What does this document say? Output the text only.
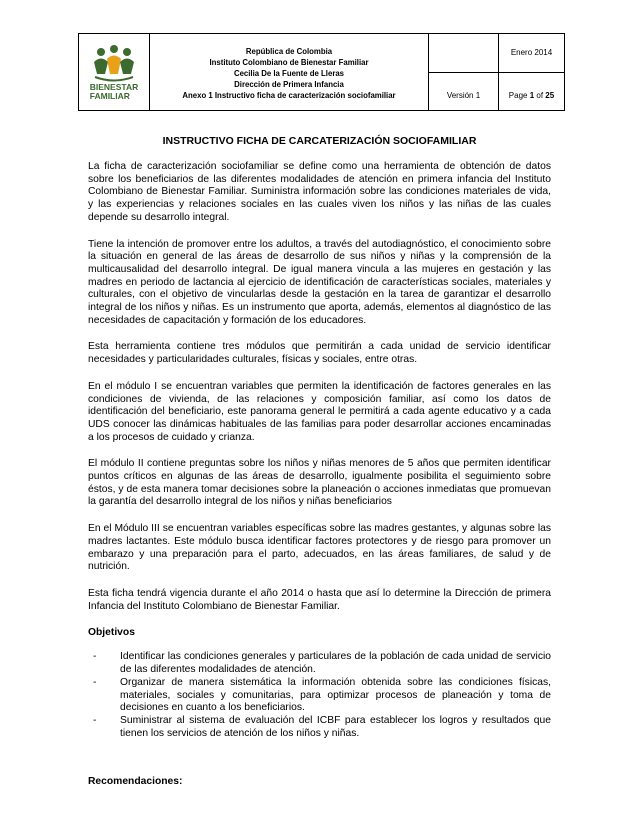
BIENESTAR
FAMILIAR
República de Colombia
Instituto Colombiano de Bienestar Familiar
Cecilia De la Fuente de Lleras
Dirección de Primera Infancia
Anexo 1 Instructivo ficha de caracterización sociofamiliar
Enero 2014
Versión 1	Page
1
of
25
INSTRUCTIVO FICHA DE CARCATERIZACIÓN SOCIOFAMILIAR

La ficha de caracterización sociofamiliar se define como una herramienta de obtención de datos sobre los beneficiarios de las diferentes modalidades de atención en primera infancia del Instituto Colombiano de Bienestar Familiar. Suministra información sobre las condiciones materiales de vida, y las experiencias y relaciones sociales en las cuales viven los niños y las niñas de las cuales depende su desarrollo integral.

Tiene la intención de promover entre los adultos, a través del autodiagnóstico, el conocimiento sobre la situación en general de las áreas de desarrollo de sus niños y niñas y la comprensión de la multicausalidad del desarrollo integral. De igual manera vincula a las mujeres en gestación y las madres en periodo de lactancia al ejercicio de identificación de características sociales, materiales y culturales, con el objetivo de vincularlas desde la gestación en la tarea de garantizar el desarrollo integral de los niños y niñas. Es un instrumento que aporta, además, elementos al diagnóstico de las necesidades de capacitación y formación de los educadores.

Esta herramienta contiene tres módulos que permitirán a cada unidad de servicio identificar necesidades y particularidades culturales, físicas y sociales, entre otras.

En el módulo I se encuentran variables que permiten la identificación de factores generales en las condiciones de vivienda, de las relaciones y composición familiar, así como los datos de identificación del beneficiario, este panorama general le permitirá a cada agente educativo y a cada UDS conocer las dinámicas habituales de las familias para poder desarrollar acciones encaminadas a los procesos de cuidado y crianza.

El módulo II contiene preguntas sobre los niños y niñas menores de 5 años que permiten identificar puntos críticos en algunas de las áreas de desarrollo, igualmente posibilita el seguimiento sobre éstos, y de esta manera tomar decisiones sobre la planeación o acciones inmediatas que promuevan la garantía del desarrollo integral de los niños y niñas beneficiarios

En el Módulo III se encuentran variables específicas sobre las madres gestantes, y algunas sobre las madres lactantes. Este módulo busca identificar factores protectores y de riesgo para promover un embarazo y una preparación para el parto, adecuados, en las áreas familiares, de salud y de nutrición.

Esta ficha tendrá vigencia durante el año 2014 o hasta que así lo determine la Dirección de primera Infancia del Instituto Colombiano de Bienestar Familiar.

Objetivos
- Identificar las condiciones generales y particulares de la población de cada unidad de servicio de las diferentes modalidades de atención.
- Organizar de manera sistemática la información obtenida sobre las condiciones físicas, materiales, sociales y comunitarias, para optimizar procesos de planeación y toma de decisiones en cuanto a los beneficiarios.
- Suministrar al sistema de evaluación del ICBF para establecer los logros y resultados que tienen los servicios de atención de los niños y niñas.
Recomendaciones:
